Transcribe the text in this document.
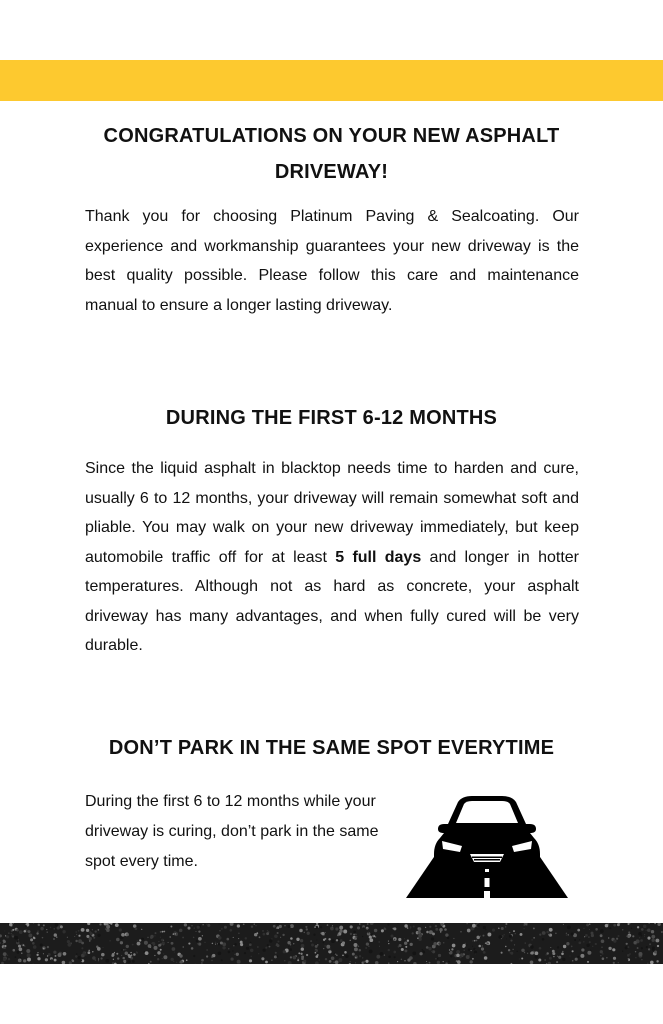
CONGRATULATIONS ON YOUR NEW ASPHALT DRIVEWAY!

Thank you for choosing Platinum Paving & Sealcoating. Our experience and workmanship guarantees your new driveway is the best quality possible. Please follow this care and maintenance manual to ensure a longer lasting driveway.

DURING THE FIRST 6-12 MONTHS

Since the liquid asphalt in blacktop needs time to harden and cure, usually 6 to 12 months, your driveway will remain somewhat soft and pliable. You may walk on your new driveway immediately, but keep automobile traffic off for at least 5 full days and longer in hotter temperatures. Although not as hard as concrete, your asphalt driveway has many advantages, and when fully cured will be very durable.

DON’T PARK IN THE SAME SPOT EVERYTIME

During the first 6 to 12 months while your driveway is curing, don’t park in the same spot every time.
